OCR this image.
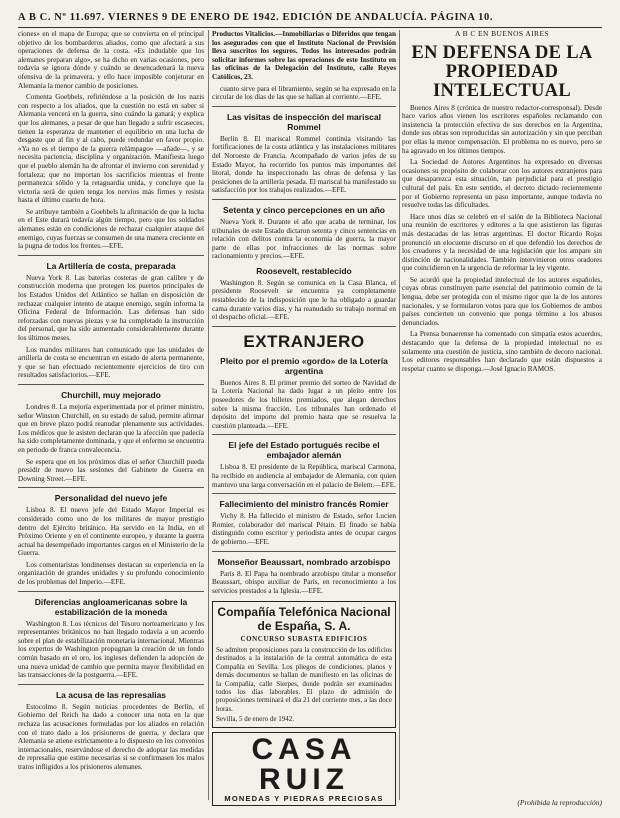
A B C. Nº 11.697. VIERNES 9 DE ENERO DE 1942. EDICIÓN DE ANDALUCÍA. PÁGINA 10.

ciones» en el mapa de Europa; que se convierta en el principal objetivo de los bombarderos aliados, como que afectará a sus operaciones de defensa de la costa. «Es indudable que los alemanes preparan algo», se ha dicho en varias ocasiones, pero todavía se ignora dónde y cuándo se desencadenará la nueva ofensiva de la primavera, y ello hace imposible conjeturar en Alemania la menor cambio de posiciones.

Comenta Goebbels, refiriéndose a la posición de los nazis con respecto a los aliados, que la cuestión no está en saber si Alemania vencerá en la guerra, sino cuándo la ganará; y explica que los alemanes, a pesar de que han llegado a sufrir escaseces, tienen la esperanza de mantener el equilibrio en una lucha de desgaste que al fin y al cabo, puede redundar en favor propio. «Ya no es el tiempo de la guerra relámpago» —añade—, y se necesita paciencia, disciplina y organización. Manifiesta luego que el pueblo alemán ha de afrontar el invierno con serenidad y fortaleza; que no importan los sacrificios mientras el frente permanezca sólido y la retaguardia unida, y concluye que la victoria será de quien tenga los nervios más firmes y resista hasta el último cuarto de hora.

Se atribuye también a Goebbels la afirmación de que la lucha en el Este durará todavía algún tiempo, pero que los soldados alemanes están en condiciones de rechazar cualquier ataque del enemigo, cuyas fuerzas se consumen de una manera creciente en la pugna de todos los frentes.—EFE.

La Artillería de costa, preparada

Nueva York 8. Las baterías costeras de gran calibre y de construcción moderna que protegen los puertos principales de los Estados Unidos del Atlántico se hallan en disposición de rechazar cualquier intento de ataque enemigo, según informa la Oficina Federal de Información. Las defensas han sido reforzadas con nuevas piezas y se ha completado la instrucción del personal, que ha sido aumentado considerablemente durante los últimos meses.

Los mandos militares han comunicado que las unidades de artillería de costa se encuentran en estado de alerta permanente, y que se han efectuado recientemente ejercicios de tiro con resultados satisfactorios.—EFE.

Churchill, muy mejorado

Londres 8. La mejoría experimentada por el primer ministro, señor Winston Churchill, en su estado de salud, permite afirmar que en breve plazo podrá reanudar plenamente sus actividades. Los médicos que le asisten declaran que la afección que padecía ha sido completamente dominada, y que el enfermo se encuentra en periodo de franca convalecencia.

Se espera que en los próximos días el señor Churchill pueda presidir de nuevo las sesiones del Gabinete de Guerra en Downing Street.—EFE.

Personalidad del nuevo jefe

Lisboa 8. El nuevo jefe del Estado Mayor Imperial es considerado como uno de los militares de mayor prestigio dentro del Ejército británico. Ha servido en la India, en el Próximo Oriente y en el continente europeo, y durante la guerra actual ha desempeñado importantes cargos en el Ministerio de la Guerra.

Los comentaristas londinenses destacan su experiencia en la organización de grandes unidades y su profundo conocimiento de los problemas del Imperio.—EFE.

Diferencias angloamericanas sobre la estabilización de la moneda

Washington 8. Los técnicos del Tesoro norteamericano y los representantes británicos no han llegado todavía a un acuerdo sobre el plan de estabilización monetaria internacional. Mientras los expertos de Washington propugnan la creación de un fondo común basado en el oro, los ingleses defienden la adopción de una nueva unidad de cambio que permita mayor flexibilidad en las transacciones de la postguerra.—EFE.

La acusa de las represalias

Estocolmo 8. Según noticias procedentes de Berlín, el Gobierno del Reich ha dado a conocer una nota en la que rechaza las acusaciones formuladas por los aliados en relación con el trato dado a los prisioneros de guerra, y declara que Alemania se atiene estrictamente a lo dispuesto en los convenios internacionales, reservándose el derecho de adoptar las medidas de represalia que estime necesarias si se confirmasen los malos tratos infligidos a los prisioneros alemanes.

Productos Vitalicios.—Inmobiliarias o Diferidos que tengan los asegurados con que el Instituto Nacional de Previsión lleva suscritos los seguros. Todos los interesados podrán solicitar informes sobre las operaciones de este Instituto en las oficinas de la Delegación del Instituto, calle Reyes Católicos, 23.

cuanto sirve para el libramiento, según se ha expresado en la circular de los días de las que se hallan al corriente.—EFE.

Las visitas de inspección del mariscal Rommel

Berlín 8. El mariscal Rommel continúa visitando las fortificaciones de la costa atlántica y las instalaciones militares del Noroeste de Francia. Acompañado de varios jefes de su Estado Mayor, ha recorrido los puntos más importantes del litoral, donde ha inspeccionado las obras de defensa y las posiciones de la artillería pesada. El mariscal ha manifestado su satisfacción por los trabajos realizados.—EFE.

Setenta y cinco percepciones en un año

Nueva York 8. Durante el año que acaba de terminar, los tribunales de este Estado dictaron setenta y cinco sentencias en relación con delitos contra la economía de guerra, la mayor parte de ellas por infracciones de las normas sobre racionamiento y precios.—EFE.

Roosevelt, restablecido

Washington 8. Según se comunica en la Casa Blanca, el presidente Roosevelt se encuentra ya completamente restablecido de la indisposición que le ha obligado a guardar cama durante varios días, y ha reanudado su trabajo normal en el despacho oficial.—EFE.

EXTRANJERO
Pleito por el premio «gordo» de la Lotería argentina

Buenos Aires 8. El primer premio del sorteo de Navidad de la Lotería Nacional ha dado lugar a un pleito entre los poseedores de los billetes premiados, que alegan derechos sobre la misma fracción. Los tribunales han ordenado el depósito del importe del premio hasta que se resuelva la cuestión planteada.—EFE.

El jefe del Estado portugués recibe el embajador alemán

Lisboa 8. El presidente de la República, mariscal Carmona, ha recibido en audiencia al embajador de Alemania, con quien mantuvo una larga conversación en el palacio de Belem.—EFE.

Fallecimiento del ministro francés Romier

Vichy 8. Ha fallecido el ministro de Estado, señor Lucien Romier, colaborador del mariscal Pétain. El finado se había distinguido como escritor y periodista antes de ocupar cargos de gobierno.—EFE.

Monseñor Beaussart, nombrado arzobispo

París 8. El Papa ha nombrado arzobispo titular a monseñor Beaussart, obispo auxiliar de París, en reconocimiento a los servicios prestados a la Iglesia.—EFE.

Compañía Telefónica Nacional de España, S. A.
CONCURSO SUBASTA EDIFICIOS
Se admiten proposiciones para la construcción de los edificios destinados a la instalación de la central automática de esta Compañía en Sevilla. Los pliegos de condiciones, planos y demás documentos se hallan de manifiesto en las oficinas de la Compañía, calle Sierpes, donde podrán ser examinados todos los días laborables. El plazo de admisión de proposiciones terminará el día 21 del corriente mes, a las doce horas.
Sevilla, 5 de enero de 1942.
CASA RUIZ
MONEDAS Y PIEDRAS PRECIOSAS
A B C EN BUENOS AIRES
EN DEFENSA DE LA PROPIEDAD INTELECTUAL

Buenos Aires 8 (crónica de nuestro redactor-corresponsal). Desde hace varios años vienen los escritores españoles reclamando con insistencia la protección efectiva de sus derechos en la Argentina, donde sus obras son reproducidas sin autorización y sin que perciban por ellas la menor compensación. El problema no es nuevo, pero se ha agravado en los últimos tiempos.

La Sociedad de Autores Argentinos ha expresado en diversas ocasiones su propósito de colaborar con los autores extranjeros para que desaparezca esta situación, tan perjudicial para el prestigio cultural del país. En este sentido, el decreto dictado recientemente por el Gobierno representa un paso importante, aunque todavía no resuelve todas las dificultades.

Hace unos días se celebró en el salón de la Biblioteca Nacional una reunión de escritores y editores a la que asistieron las figuras más destacadas de las letras argentinas. El doctor Ricardo Rojas pronunció un elocuente discurso en el que defendió los derechos de los creadores y la necesidad de una legislación que los ampare sin distinción de nacionalidades. También intervinieron otros oradores que coincidieron en la urgencia de reformar la ley vigente.

Se acordó que la propiedad intelectual de los autores españoles, cuyas obras constituyen parte esencial del patrimonio común de la lengua, debe ser protegida con el mismo rigor que la de los autores nacionales, y se formularon votos para que los Gobiernos de ambos países concierten un convenio que ponga término a los abusos denunciados.

La Prensa bonaerense ha comentado con simpatía estos acuerdos, destacando que la defensa de la propiedad intelectual no es solamente una cuestión de justicia, sino también de decoro nacional. Los editores responsables han declarado que están dispuestos a respetar cuanto se disponga.—José Ignacio RAMOS.

(Prohibida la reproducción)
